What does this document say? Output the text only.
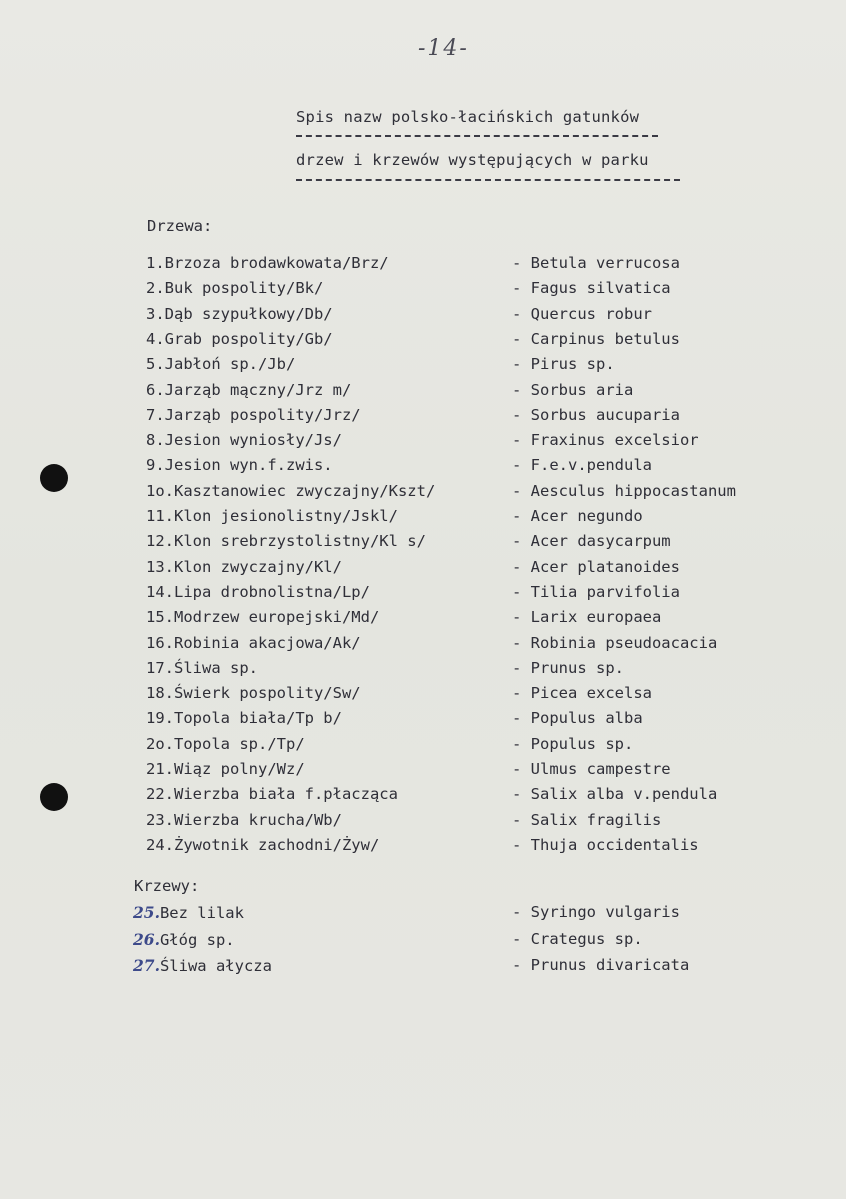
-14-
Spis nazw polsko-łacińskich gatunków
drzew i krzewów występujących w parku
Drzewa:
1.Brzoza brodawkowata/Brz/	- Betula verrucosa
2.Buk pospolity/Bk/	- Fagus silvatica
3.Dąb szypułkowy/Db/	- Quercus robur
4.Grab pospolity/Gb/	- Carpinus betulus
5.Jabłoń sp./Jb/	- Pirus sp.
6.Jarząb mączny/Jrz m/	- Sorbus aria
7.Jarząb pospolity/Jrz/	- Sorbus aucuparia
8.Jesion wyniosły/Js/	- Fraxinus excelsior
9.Jesion wyn.f.zwis.	- F.e.v.pendula
1o.Kasztanowiec zwyczajny/Kszt/	- Aesculus hippocastanum
11.Klon jesionolistny/Jskl/	- Acer negundo
12.Klon srebrzystolistny/Kl s/	- Acer dasycarpum
13.Klon zwyczajny/Kl/	- Acer platanoides
14.Lipa drobnolistna/Lp/	- Tilia parvifolia
15.Modrzew europejski/Md/	- Larix europaea
16.Robinia akacjowa/Ak/	- Robinia pseudoacacia
17.Śliwa sp.	- Prunus sp.
18.Świerk pospolity/Sw/	- Picea excelsa
19.Topola biała/Tp b/	- Populus alba
2o.Topola sp./Tp/	- Populus sp.
21.Wiąz polny/Wz/	- Ulmus campestre
22.Wierzba biała f.płacząca	- Salix alba v.pendula
23.Wierzba krucha/Wb/	- Salix fragilis
24.Żywotnik zachodni/Żyw/	- Thuja occidentalis
Krzewy:
25.Bez lilak	- Syringo vulgaris
26.Głóg sp.	- Crategus sp.
27.Śliwa ałycza	- Prunus divaricata
